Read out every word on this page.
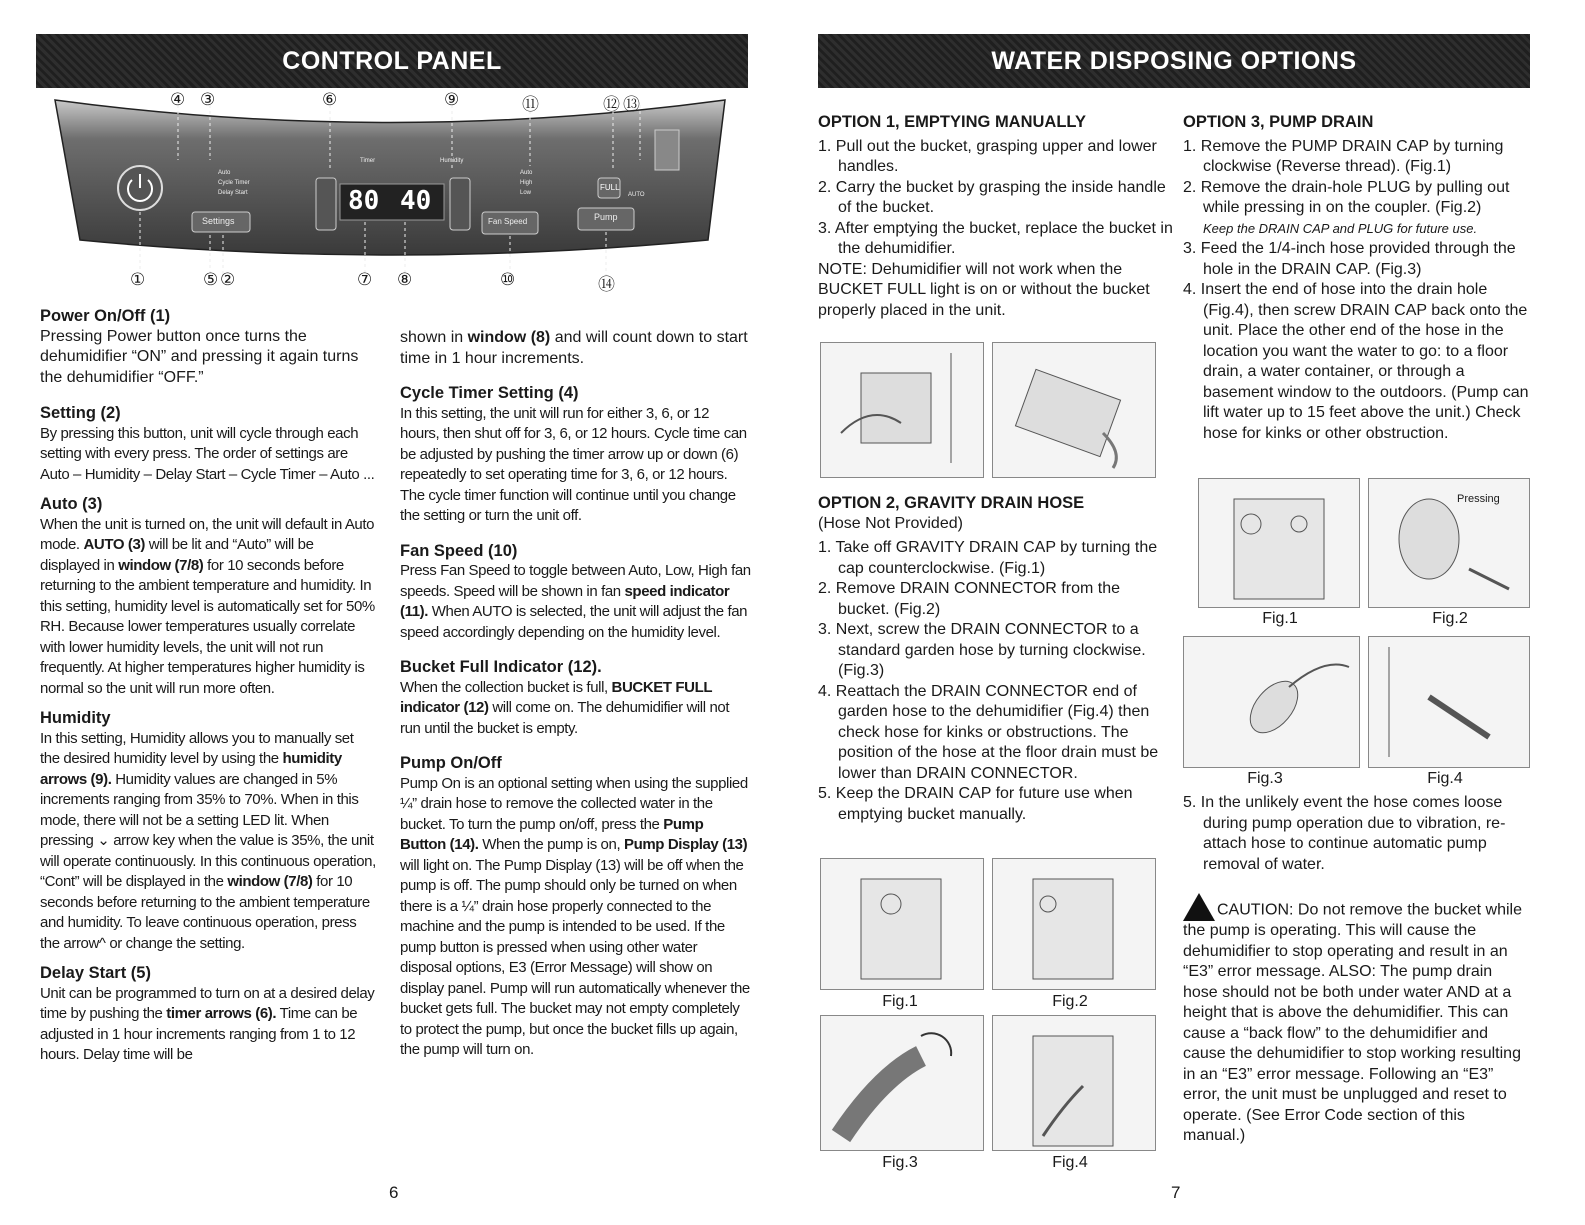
CONTROL PANEL
80 40
Settings	Fan Speed	Pump
Auto
Cycle Timer
Delay Start
Timer	Humidity
Auto
High
Low
FULL
AUTO
④ ③	⑥	⑨	⑪	⑫ ⑬
①	⑤ ②	⑦ ⑧	⑩	⑭
Power On/Off (1)

Pressing Power button once turns the dehumidifier “ON” and pressing it again turns the dehumidifier “OFF.”

Setting (2)

By pressing this button, unit will cycle through each setting with every press. The order of settings are Auto – Humidity – Delay Start – Cycle Timer – Auto ...

Auto (3)

When the unit is turned on, the unit will default in Auto mode. AUTO (3) will be lit and “Auto” will be displayed in window (7/8) for 10 seconds before returning to the ambient temperature and humidity. In this setting, humidity level is automatically set for 50% RH. Because lower temperatures usually correlate with lower humidity levels, the unit will not run frequently. At higher temperatures higher humidity is normal so the unit will run more often.

Humidity

In this setting, Humidity allows you to manually set the desired humidity level by using the humidity arrows (9). Humidity values are changed in 5% increments ranging from 35% to 70%. When in this mode, there will not be a setting LED lit. When pressing ⌄ arrow key when the value is 35%, the unit will operate continuously. In this continuous operation, “Cont” will be displayed in the window (7/8) for 10 seconds before returning to the ambient temperature and humidity. To leave continuous operation, press the arrow^ or change the setting.

Delay Start (5)

Unit can be programmed to turn on at a desired delay time by pushing the timer arrows (6). Time can be adjusted in 1 hour increments ranging from 1 to 12 hours. Delay time will be

shown in window (8) and will count down to start time in 1 hour increments.

Cycle Timer Setting (4)

In this setting, the unit will run for either 3, 6, or 12 hours, then shut off for 3, 6, or 12 hours. Cycle time can be adjusted by pushing the timer arrow up or down (6) repeatedly to set operating time for 3, 6, or 12 hours. The cycle timer function will continue until you change the setting or turn the unit off.

Fan Speed (10)

Press Fan Speed to toggle between Auto, Low, High fan speeds. Speed will be shown in fan speed indicator (11). When AUTO is selected, the unit will adjust the fan speed accordingly depending on the humidity level.

Bucket Full Indicator (12).

When the collection bucket is full, BUCKET FULL indicator (12) will come on. The dehumidifier will not run until the bucket is empty.

Pump On/Off

Pump On is an optional setting when using the supplied ¼” drain hose to remove the collected water in the bucket. To turn the pump on/off, press the Pump Button (14). When the pump is on, Pump Display (13) will light on. The Pump Display (13) will be off when the pump is off. The pump should only be turned on when there is a ¼” drain hose properly connected to the machine and the pump is intended to be used. If the pump button is pressed when using other water disposal options, E3 (Error Message) will show on display panel. Pump will run automatically whenever the bucket gets full. The bucket may not empty completely to protect the pump, but once the bucket fills up again, the pump will turn on.

6
WATER DISPOSING OPTIONS
OPTION 1, EMPTYING MANUALLY
1. Pull out the bucket, grasping upper and lower handles.
2. Carry the bucket by grasping the inside handle of the bucket.
3. After emptying the bucket, replace the bucket in the dehumidifier.

NOTE: Dehumidifier will not work when the BUCKET FULL light is on or without the bucket properly placed in the unit.

OPTION 2, GRAVITY DRAIN HOSE

(Hose Not Provided)

1. Take off GRAVITY DRAIN CAP by turning the cap counterclockwise. (Fig.1)
2. Remove DRAIN CONNECTOR from the bucket. (Fig.2)
3. Next, screw the DRAIN CONNECTOR to a standard garden hose by turning clockwise. (Fig.3)
4. Reattach the DRAIN CONNECTOR end of garden hose to the dehumidifier (Fig.4) then check hose for kinks or obstructions. The position of the hose at the floor drain must be lower than DRAIN CONNECTOR.
5. Keep the DRAIN CAP for future use when emptying bucket manually.
Fig.1	Fig.2
Fig.3	Fig.4
OPTION 3, PUMP DRAIN
1. Remove the PUMP DRAIN CAP by turning clockwise (Reverse thread). (Fig.1)
2. Remove the drain-hole PLUG by pulling out while pressing in on the coupler. (Fig.2)

Keep the DRAIN CAP and PLUG for future use.

3. Feed the 1/4-inch hose provided through the hole in the DRAIN CAP. (Fig.3)
4. Insert the end of hose into the drain hole (Fig.4), then screw DRAIN CAP back onto the unit. Place the other end of the hose in the location you want the water to go: to a floor drain, a water container, or through a basement window to the outdoors. (Pump can lift water up to 15 feet above the unit.) Check hose for kinks or other obstruction.
Pressing
Fig.1	Fig.2
Fig.3	Fig.4
5. In the unlikely event the hose comes loose during pump operation due to vibration, re-attach hose to continue automatic pump removal of water.

CAUTION: Do not remove the bucket while the pump is operating. This will cause the dehumidifier to stop operating and result in an “E3” error message. ALSO: The pump drain hose should not be both under water AND at a height that is above the dehumidifier. This can cause a “back flow” to the dehumidifier and cause the dehumidifier to stop working resulting in an “E3” error message. Following an “E3” error, the unit must be unplugged and reset to operate. (See Error Code section of this manual.)

7
